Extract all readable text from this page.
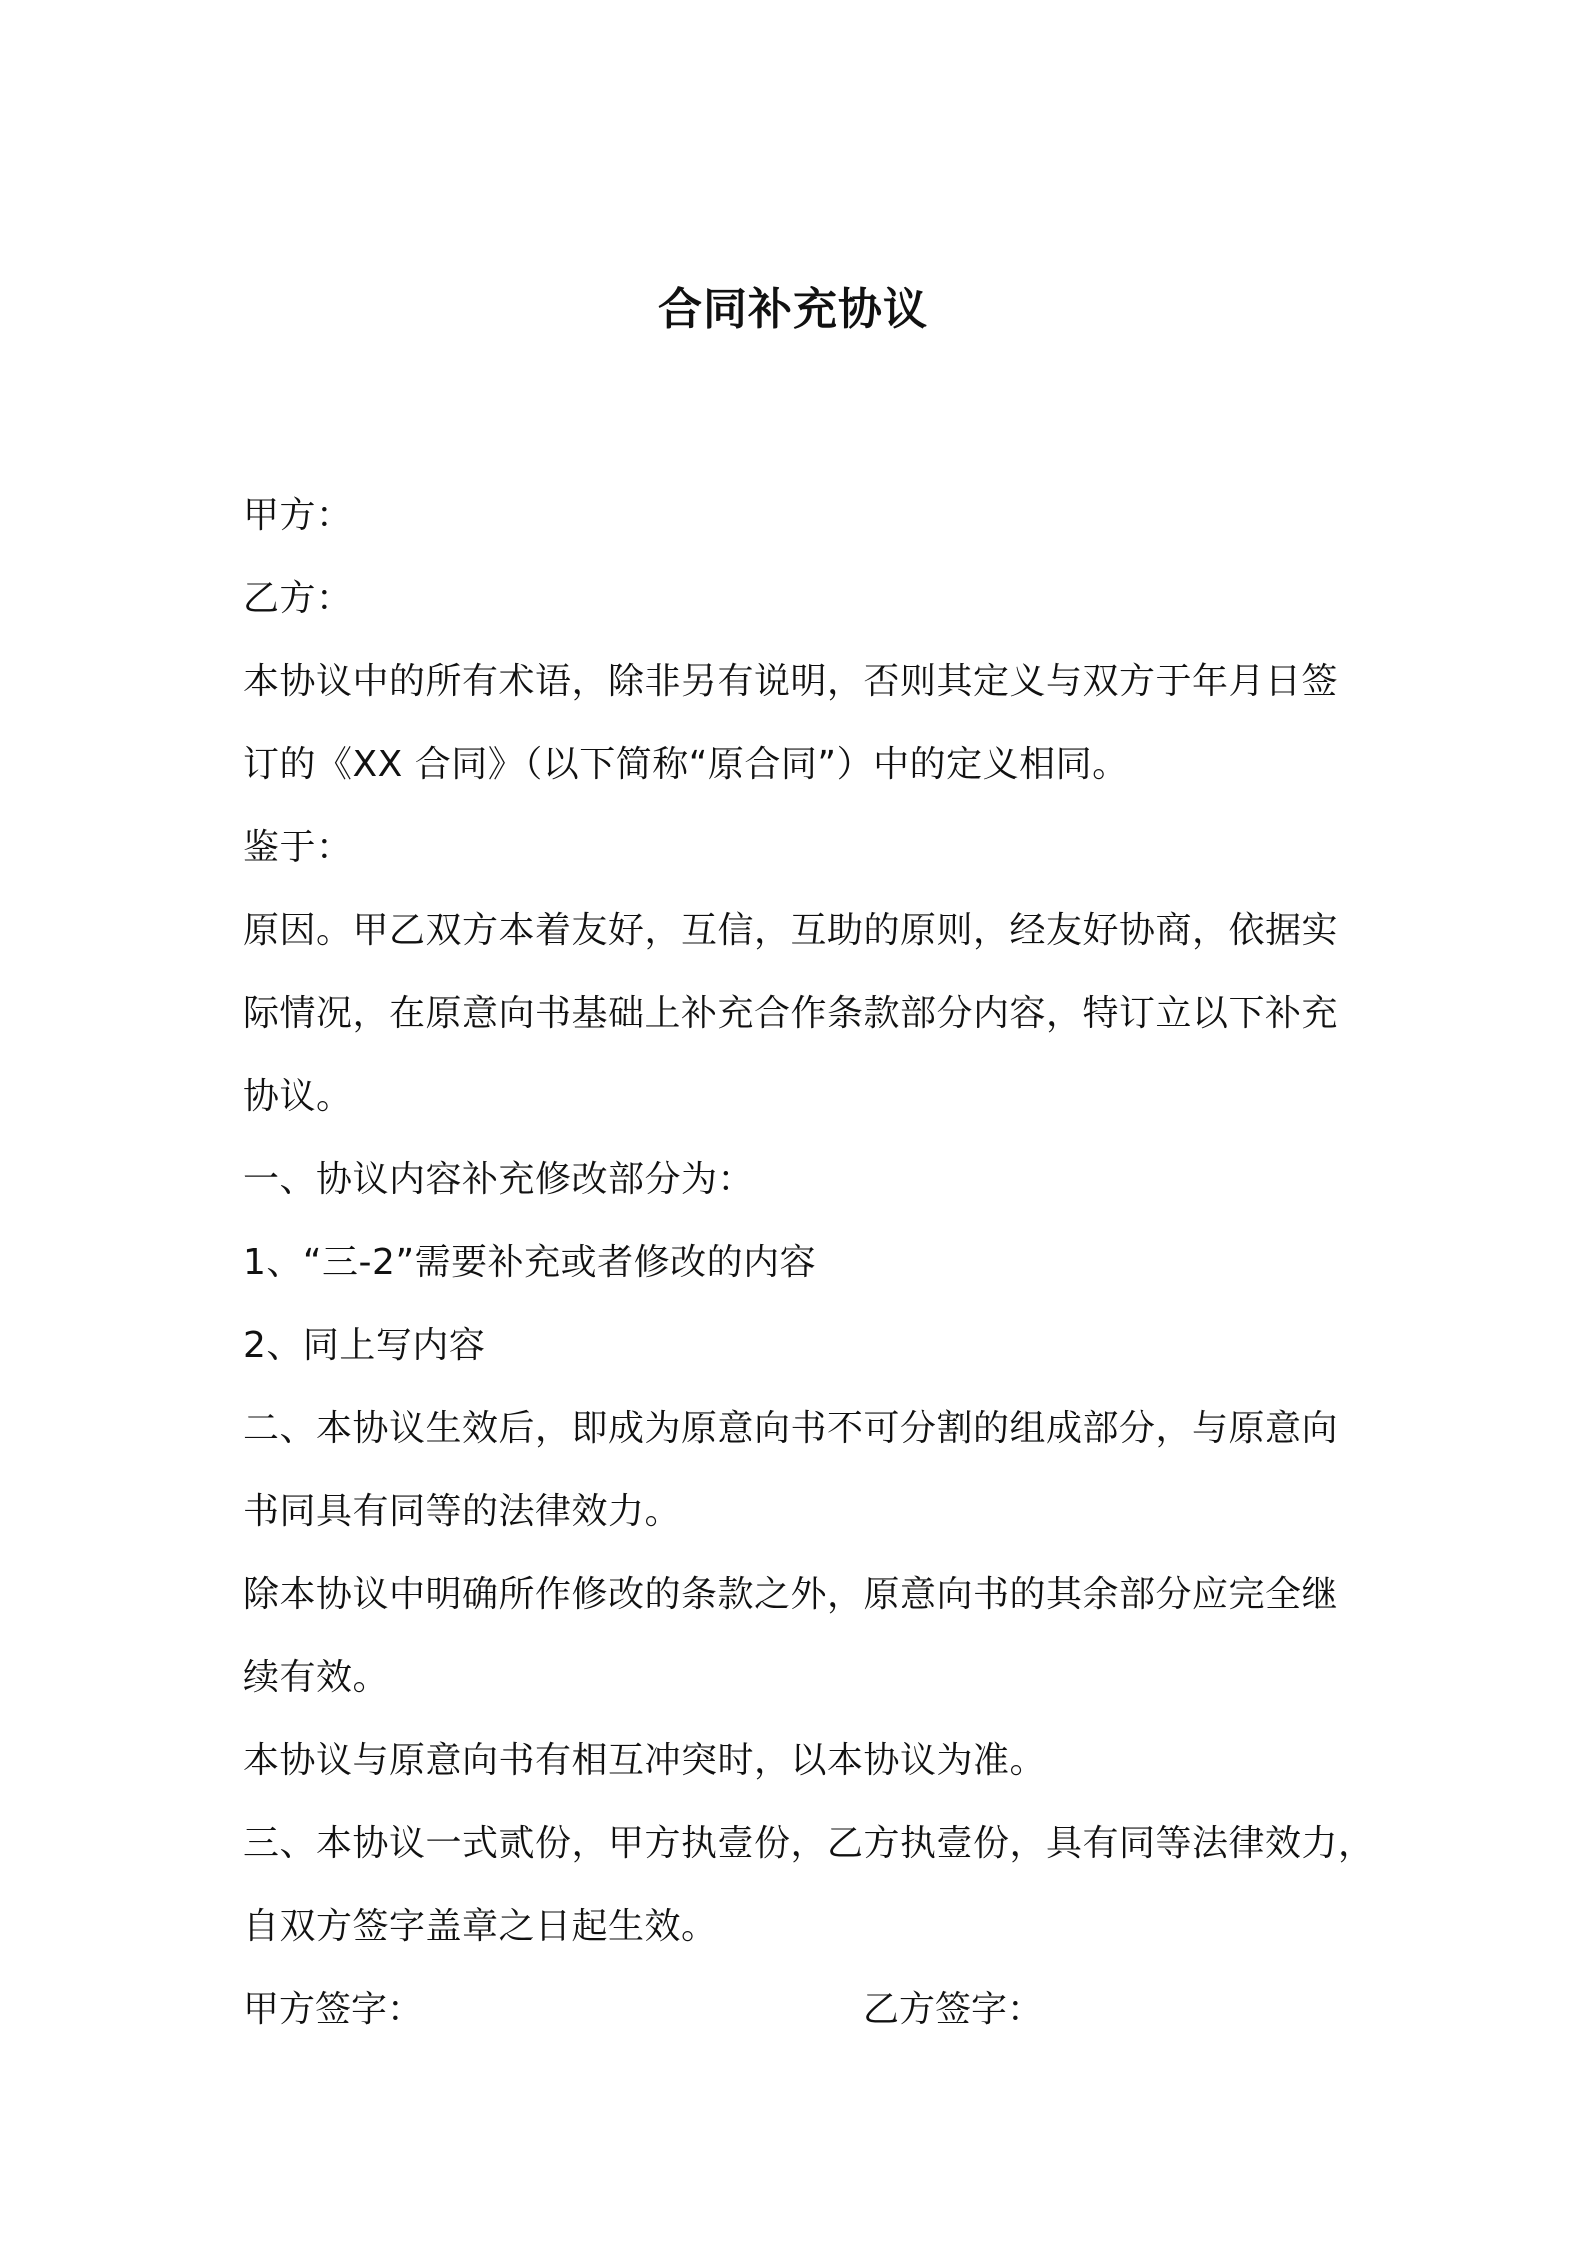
合同补充协议
甲方：
乙方：
本协议中的所有术语，除非另有说明，否则其定义与双方于年月日签
订的《XX 合同》（以下简称“原合同”）中的定义相同。
鉴于：
原因。甲乙双方本着友好，互信，互助的原则，经友好协商，依据实
际情况，在原意向书基础上补充合作条款部分内容，特订立以下补充
协议。
一、协议内容补充修改部分为：
1、“三-2”需要补充或者修改的内容
2、同上写内容
二、本协议生效后，即成为原意向书不可分割的组成部分，与原意向
书同具有同等的法律效力。
除本协议中明确所作修改的条款之外，原意向书的其余部分应完全继
续有效。
本协议与原意向书有相互冲突时，以本协议为准。
三、本协议一式贰份，甲方执壹份，乙方执壹份，具有同等法律效力，
自双方签字盖章之日起生效。
甲方签字：	乙方签字：
